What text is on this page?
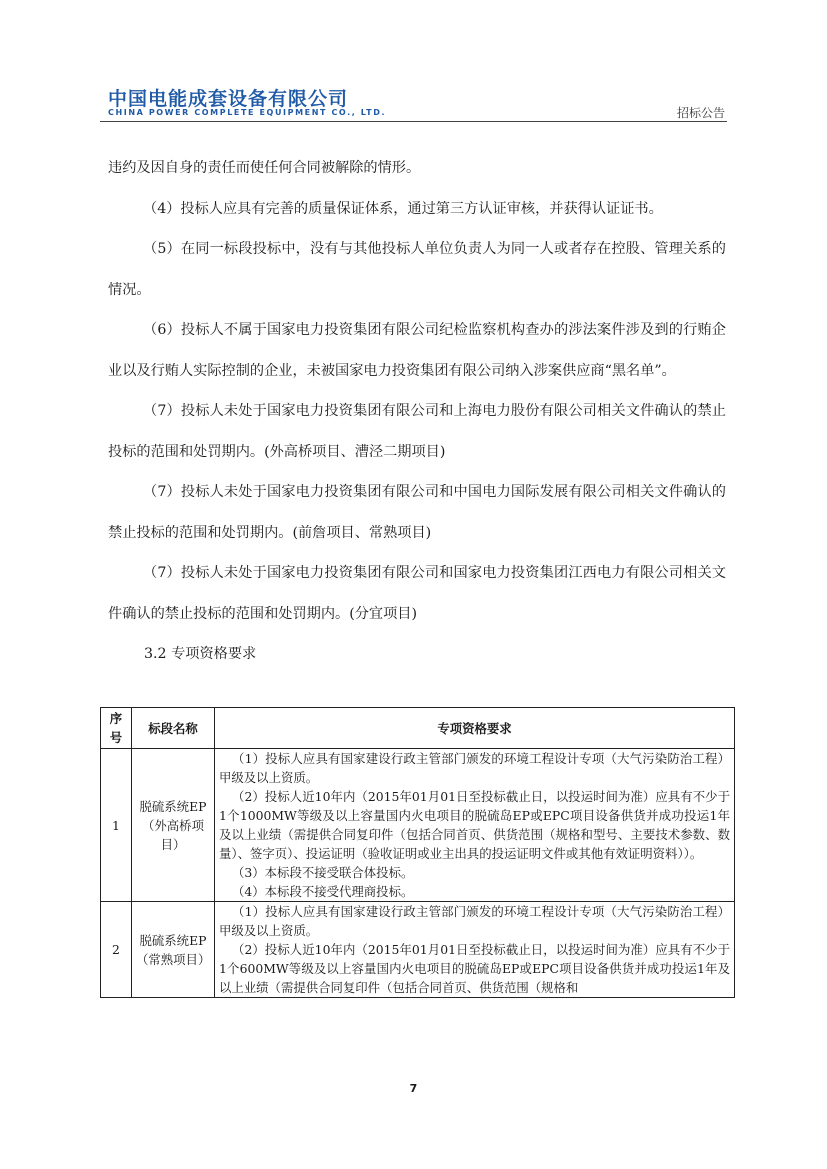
中国电能成套设备有限公司
CHINA POWER COMPLETE EQUIPMENT CO., LTD.	招标公告

违约及因自身的责任而使任何合同被解除的情形。

（4）投标人应具有完善的质量保证体系，通过第三方认证审核，并获得认证证书。

（5）在同一标段投标中，没有与其他投标人单位负责人为同一人或者存在控股、管理关系的情况。

（6）投标人不属于国家电力投资集团有限公司纪检监察机构查办的涉法案件涉及到的行贿企业以及行贿人实际控制的企业，未被国家电力投资集团有限公司纳入涉案供应商“黑名单”。

（7）投标人未处于国家电力投资集团有限公司和上海电力股份有限公司相关文件确认的禁止投标的范围和处罚期内。(外高桥项目、漕泾二期项目)

（7）投标人未处于国家电力投资集团有限公司和中国电力国际发展有限公司相关文件确认的禁止投标的范围和处罚期内。(前詹项目、常熟项目)

（7）投标人未处于国家电力投资集团有限公司和国家电力投资集团江西电力有限公司相关文件确认的禁止投标的范围和处罚期内。(分宜项目)

3.2 专项资格要求

序号	标段名称	专项资格要求
1	脱硫系统EP（外高桥项目）	（1）投标人应具有国家建设行政主管部门颁发的环境工程设计专项（大气污染防治工程）甲级及以上资质。

（2）投标人近10年内（2015年01月01日至投标截止日，以投运时间为准）应具有不少于1个1000MW等级及以上容量国内火电项目的脱硫岛EP或EPC项目设备供货并成功投运1年及以上业绩（需提供合同复印件（包括合同首页、供货范围（规格和型号、主要技术参数、数量）、签字页）、投运证明（验收证明或业主出具的投运证明文件或其他有效证明资料））。

（3）本标段不接受联合体投标。

（4）本标段不接受代理商投标。

2	脱硫系统EP（常熟项目）	（1）投标人应具有国家建设行政主管部门颁发的环境工程设计专项（大气污染防治工程）甲级及以上资质。

（2）投标人近10年内（2015年01月01日至投标截止日，以投运时间为准）应具有不少于1个600MW等级及以上容量国内火电项目的脱硫岛EP或EPC项目设备供货并成功投运1年及以上业绩（需提供合同复印件（包括合同首页、供货范围（规格和

7
